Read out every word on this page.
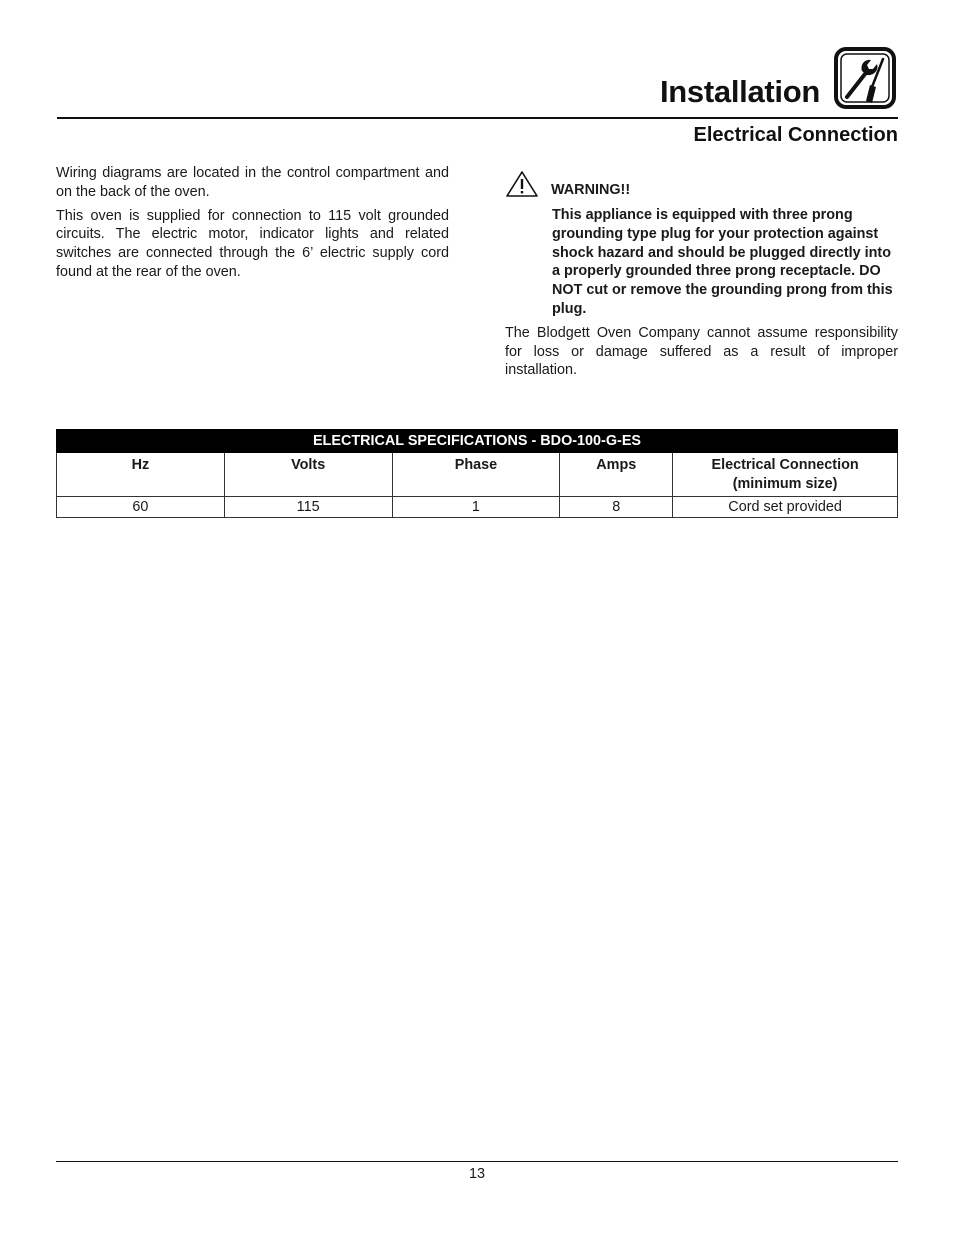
Installation
Electrical Connection

Wiring diagrams are located in the control compartment and on the back of the oven.

This oven is supplied for connection to 115 volt grounded circuits. The electric motor, indicator lights and related switches are connected through the 6’ electric supply cord found at the rear of the oven.

WARNING!!

This appliance is equipped with three prong grounding type plug for your protection against shock hazard and should be plugged directly into a properly grounded three prong receptacle. DO NOT cut or remove the grounding prong from this plug.

The Blodgett Oven Company cannot assume responsibility for loss or damage suffered as a result of improper installation.

ELECTRICAL SPECIFICATIONS - BDO-100-G-ES				
Hz	Volts	Phase	Amps	Electrical Connection
(minimum size)
60	115	1	8	Cord set provided
13
